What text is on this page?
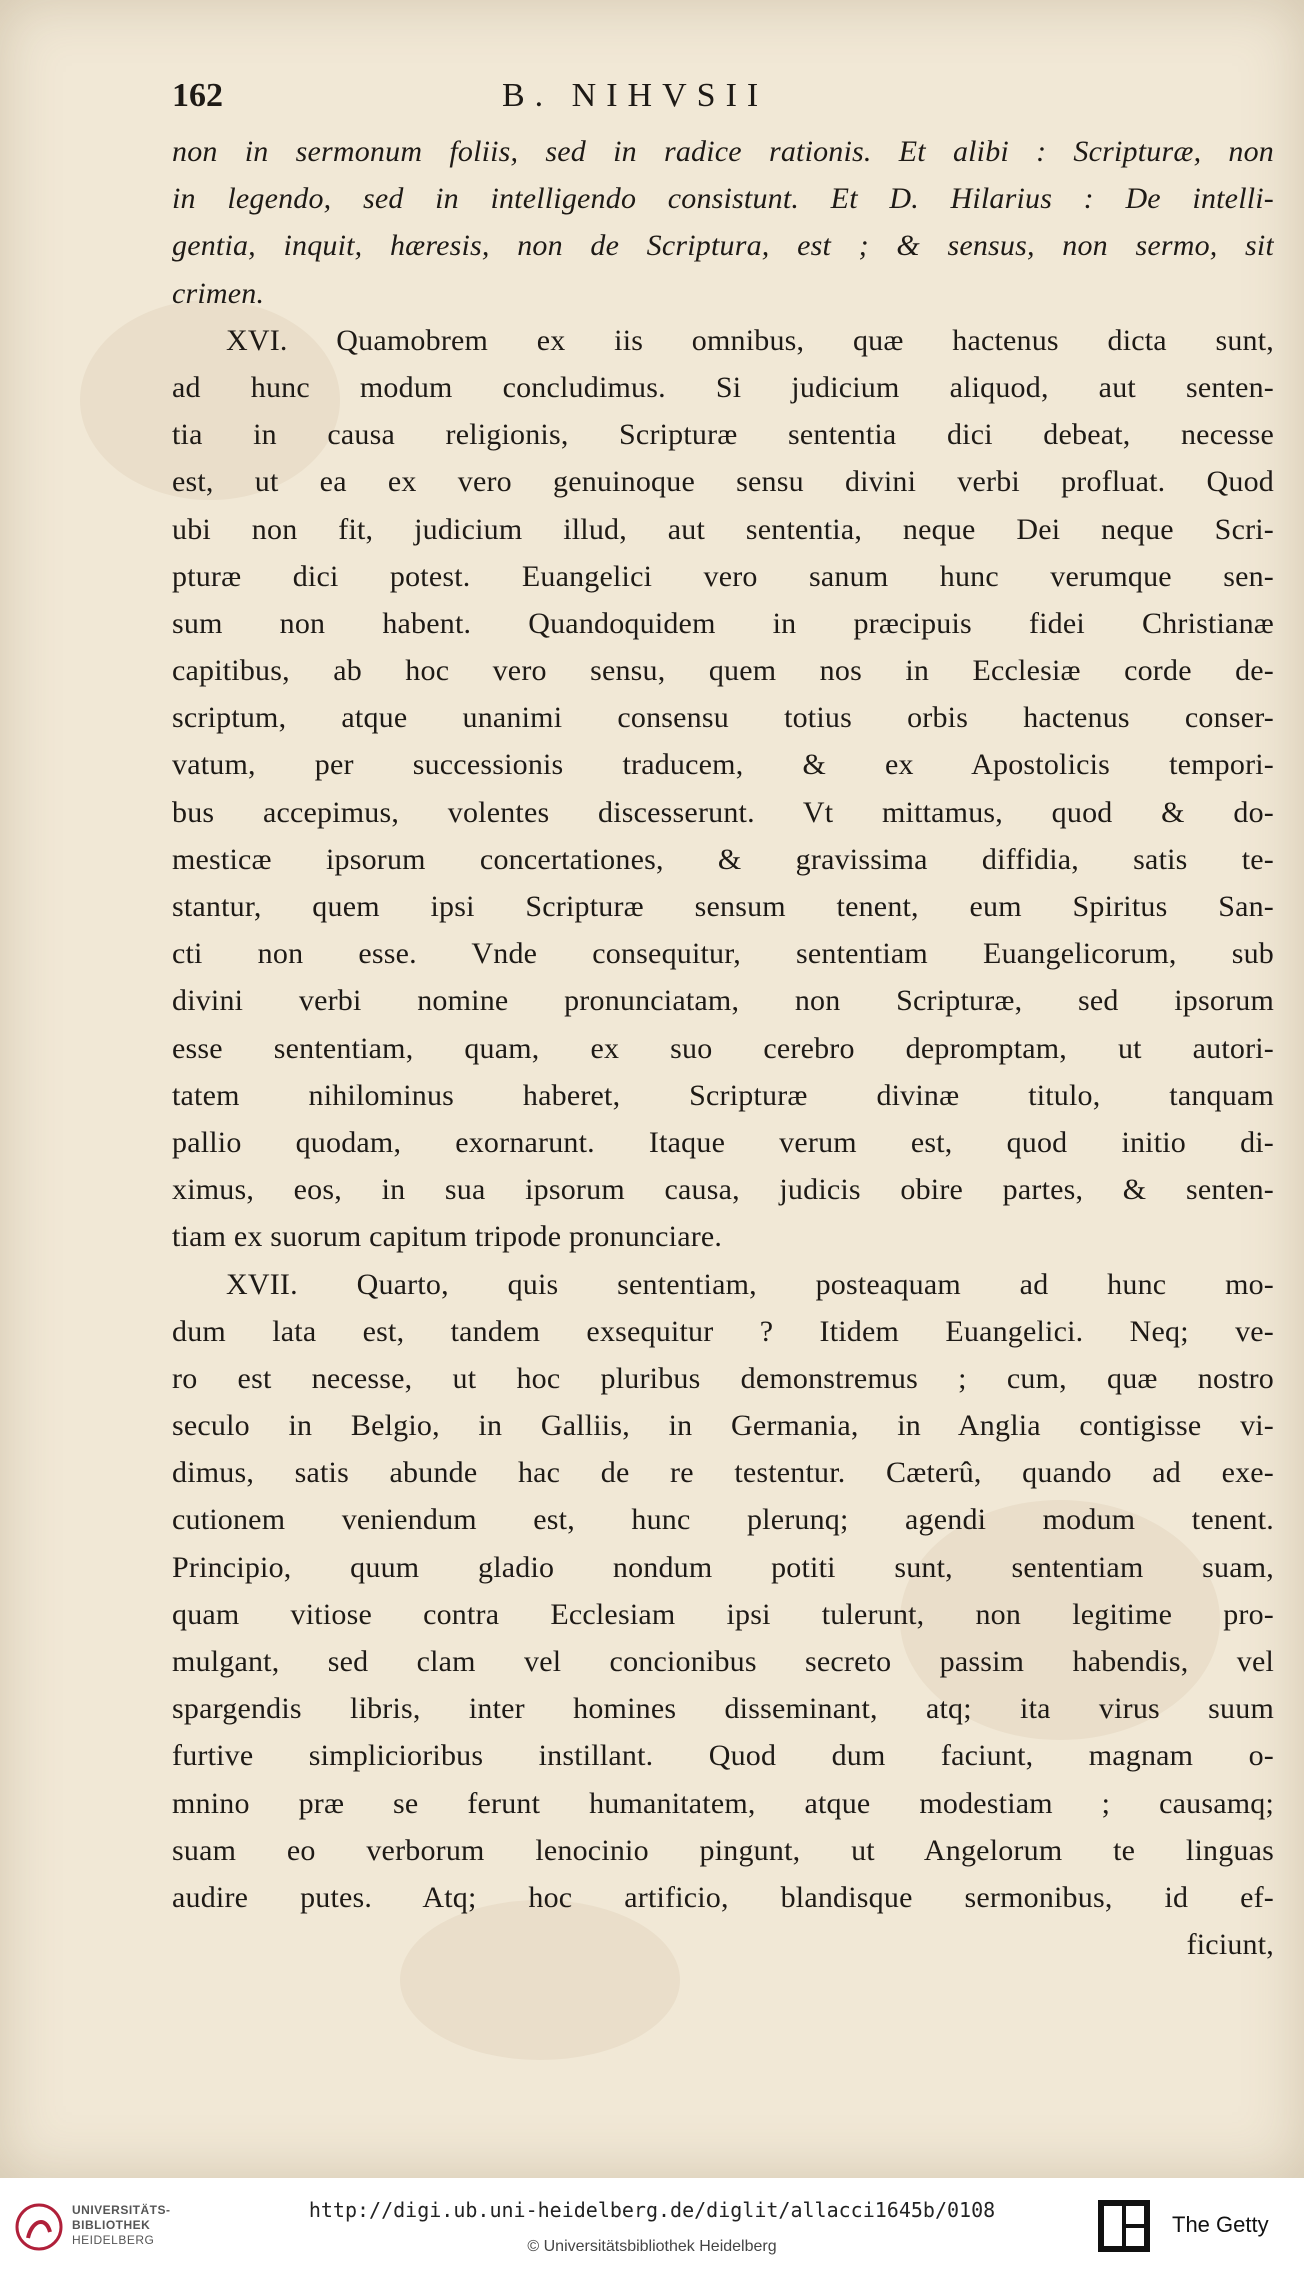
162	B. NIHVSII
non in sermonum foliis, sed in radice rationis. Et alibi : Scripturæ, non
in legendo, sed in intelligendo consistunt. Et D. Hilarius : De intelli-
gentia, inquit, hæresis, non de Scriptura, est ; & sensus, non sermo, sit
crimen.
XVI. Quamobrem ex iis omnibus, quæ hactenus dicta sunt,
ad hunc modum concludimus. Si judicium aliquod, aut senten-
tia in causa religionis, Scripturæ sententia dici debeat, necesse
est, ut ea ex vero genuinoque sensu divini verbi profluat. Quod
ubi non fit, judicium illud, aut sententia, neque Dei neque Scri-
pturæ dici potest. Euangelici vero sanum hunc verumque sen-
sum non habent. Quandoquidem in præcipuis fidei Christianæ
capitibus, ab hoc vero sensu, quem nos in Ecclesiæ corde de-
scriptum, atque unanimi consensu totius orbis hactenus conser-
vatum, per successionis traducem, & ex Apostolicis tempori-
bus accepimus, volentes discesserunt. Vt mittamus, quod & do-
mesticæ ipsorum concertationes, & gravissima diffidia, satis te-
stantur, quem ipsi Scripturæ sensum tenent, eum Spiritus San-
cti non esse. Vnde consequitur, sententiam Euangelicorum, sub
divini verbi nomine pronunciatam, non Scripturæ, sed ipsorum
esse sententiam, quam, ex suo cerebro depromptam, ut autori-
tatem nihilominus haberet, Scripturæ divinæ titulo, tanquam
pallio quodam, exornarunt. Itaque verum est, quod initio di-
ximus, eos, in sua ipsorum causa, judicis obire partes, & senten-
tiam ex suorum capitum tripode pronunciare.
XVII. Quarto, quis sententiam, posteaquam ad hunc mo-
dum lata est, tandem exsequitur ? Itidem Euangelici. Neq; ve-
ro est necesse, ut hoc pluribus demonstremus ; cum, quæ nostro
seculo in Belgio, in Galliis, in Germania, in Anglia contigisse vi-
dimus, satis abunde hac de re testentur. Cæterû, quando ad exe-
cutionem veniendum est, hunc plerunq; agendi modum tenent.
Principio, quum gladio nondum potiti sunt, sententiam suam,
quam vitiose contra Ecclesiam ipsi tulerunt, non legitime pro-
mulgant, sed clam vel concionibus secreto passim habendis, vel
spargendis libris, inter homines disseminant, atq; ita virus suum
furtive simplicioribus instillant. Quod dum faciunt, magnam o-
mnino præ se ferunt humanitatem, atque modestiam ; causamq;
suam eo verborum lenocinio pingunt, ut Angelorum te linguas
audire putes. Atq; hoc artificio, blandisque sermonibus, id ef-
ficiunt,
UNIVERSITÄTS-
BIBLIOTHEK
HEIDELBERG
http://digi.ub.uni-heidelberg.de/diglit/allacci1645b/0108
© Universitätsbibliothek Heidelberg
The Getty
